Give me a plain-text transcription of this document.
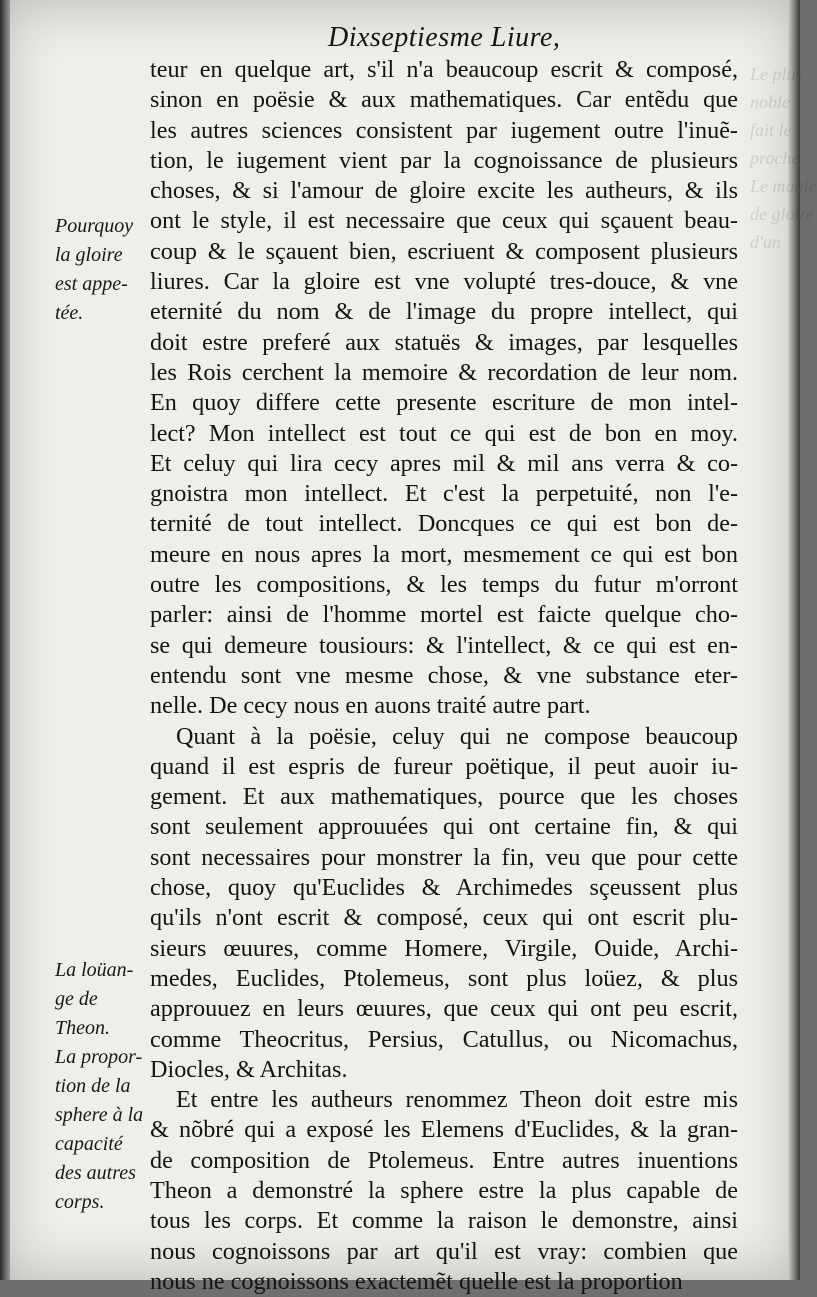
Dixseptiesme Liure,
teur en quelque art, s'il n'a beaucoup escrit & composé,
sinon en poësie & aux mathematiques. Car entẽdu que
les autres sciences consistent par iugement outre l'inuẽ-
tion, le iugement vient par la cognoissance de plusieurs
choses, & si l'amour de gloire excite les autheurs, & ils
ont le style, il est necessaire que ceux qui sçauent beau-
coup & le sçauent bien, escriuent & composent plusieurs
liures. Car la gloire est vne volupté tres-douce, & vne
eternité du nom & de l'image du propre intellect, qui
doit estre preferé aux statuës & images, par lesquelles
les Rois cerchent la memoire & recordation de leur nom.
En quoy differe cette presente escriture de mon intel-
lect? Mon intellect est tout ce qui est de bon en moy.
Et celuy qui lira cecy apres mil & mil ans verra & co-
gnoistra mon intellect. Et c'est la perpetuité, non l'e-
ternité de tout intellect. Doncques ce qui est bon de-
meure en nous apres la mort, mesmement ce qui est bon
outre les compositions, & les temps du futur m'orront
parler: ainsi de l'homme mortel est faicte quelque cho-
se qui demeure tousiours: & l'intellect, & ce qui est en-
entendu sont vne mesme chose, & vne substance eter-
nelle. De cecy nous en auons traité autre part.
Quant à la poësie, celuy qui ne compose beaucoup
quand il est espris de fureur poëtique, il peut auoir iu-
gement. Et aux mathematiques, pource que les choses
sont seulement approuuées qui ont certaine fin, & qui
sont necessaires pour monstrer la fin, veu que pour cette
chose, quoy qu'Euclides & Archimedes sçeussent plus
qu'ils n'ont escrit & composé, ceux qui ont escrit plu-
sieurs œuures, comme Homere, Virgile, Ouide, Archi-
medes, Euclides, Ptolemeus, sont plus loüez, & plus
approuuez en leurs œuures, que ceux qui ont peu escrit,
comme Theocritus, Persius, Catullus, ou Nicomachus,
Diocles, & Architas.
Et entre les autheurs renommez Theon doit estre mis
& nõbré qui a exposé les Elemens d'Euclides, & la gran-
de composition de Ptolemeus. Entre autres inuentions
Theon a demonstré la sphere estre la plus capable de
tous les corps. Et comme la raison le demonstre, ainsi
nous cognoissons par art qu'il est vray: combien que
nous ne cognoissons exactemẽt quelle est la proportion
Pourquoy
la gloire
est appe-
tée.
La loüan-
ge de
Theon.
La propor-
tion de la
sphere à la
capacité
des autres
corps.
Le plus
noble
fait le
proche
Le manie
de gloire
d'un
